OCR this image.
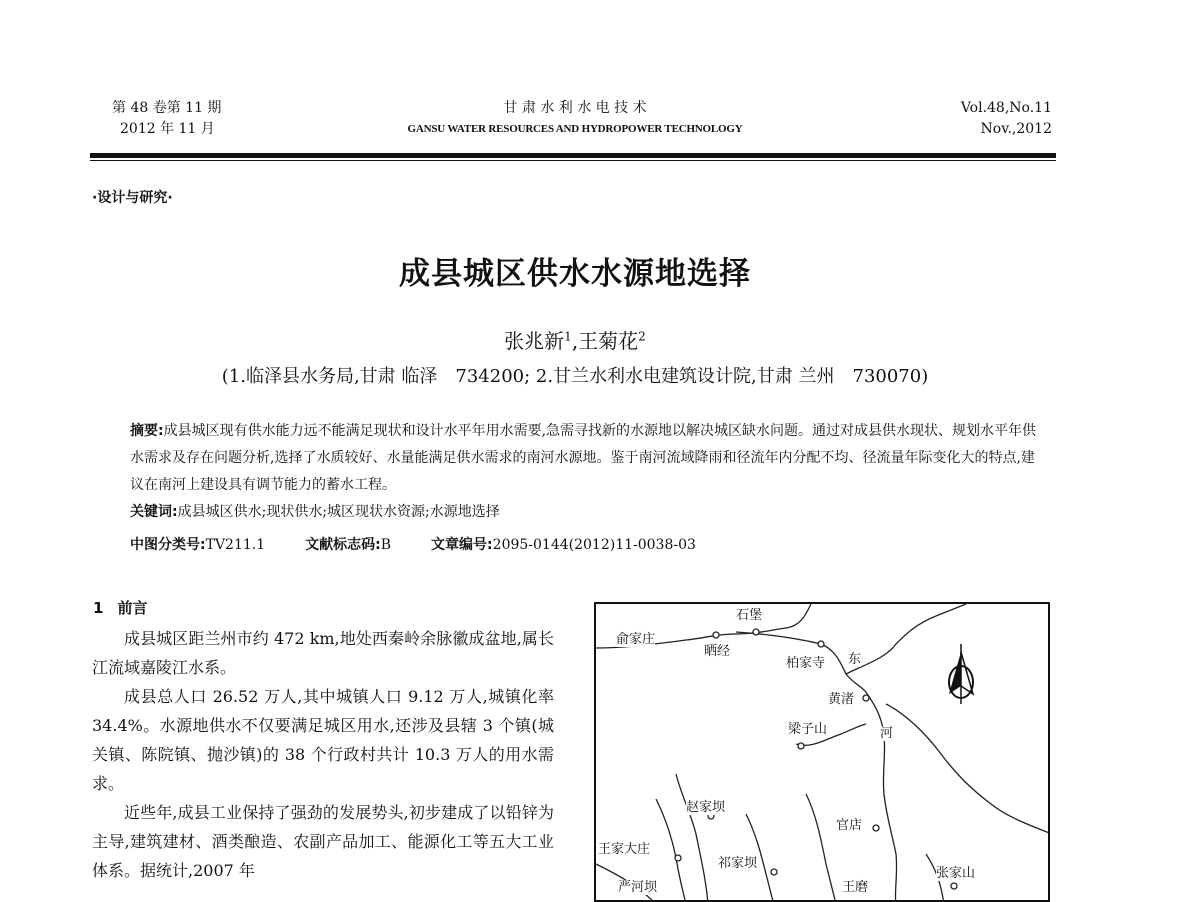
第 48 卷第 11 期
2012 年 11 月
甘 肃 水 利 水 电 技 术
GANSU WATER RESOURCES AND HYDROPOWER TECHNOLOGY
Vol.48,No.11
Nov.,2012
·设计与研究·
成县城区供水水源地选择
张兆新$^1$,王菊花$^2$
(1.临泽县水务局,甘肃 临泽　734200; 2.甘兰水利水电建筑设计院,甘肃 兰州　730070)
摘要:成县城区现有供水能力远不能满足现状和设计水平年用水需要,急需寻找新的水源地以解决城区缺水问题。通过对成县供水现状、规划水平年供水需求及存在问题分析,选择了水质较好、水量能满足供水需求的南河水源地。鉴于南河流域降雨和径流年内分配不均、径流量年际变化大的特点,建议在南河上建设具有调节能力的蓄水工程。
关键词:成县城区供水;现状供水;城区现状水资源;水源地选择
中图分类号:TV211.1	文献标志码:B	文章编号:2095-0144(2012)11-0038-03
1 前言

成县城区距兰州市约 472 km,地处西秦岭余脉徽成盆地,属长江流域嘉陵江水系。

成县总人口 26.52 万人,其中城镇人口 9.12 万人,城镇化率 34.4%。水源地供水不仅要满足城区用水,还涉及县辖 3 个镇(城关镇、陈院镇、抛沙镇)的 38 个行政村共计 10.3 万人的用水需求。

近些年,成县工业保持了强劲的发展势头,初步建成了以铅锌为主导,建筑建材、酒类酿造、农副产品加工、能源化工等五大工业体系。据统计,2007 年

石堡
俞家庄
晒经
柏家寺 东
黄渚
梁子山	河
赵家坝
官店
王家大庄
祁家坝
张家山
严河坝	王磨
